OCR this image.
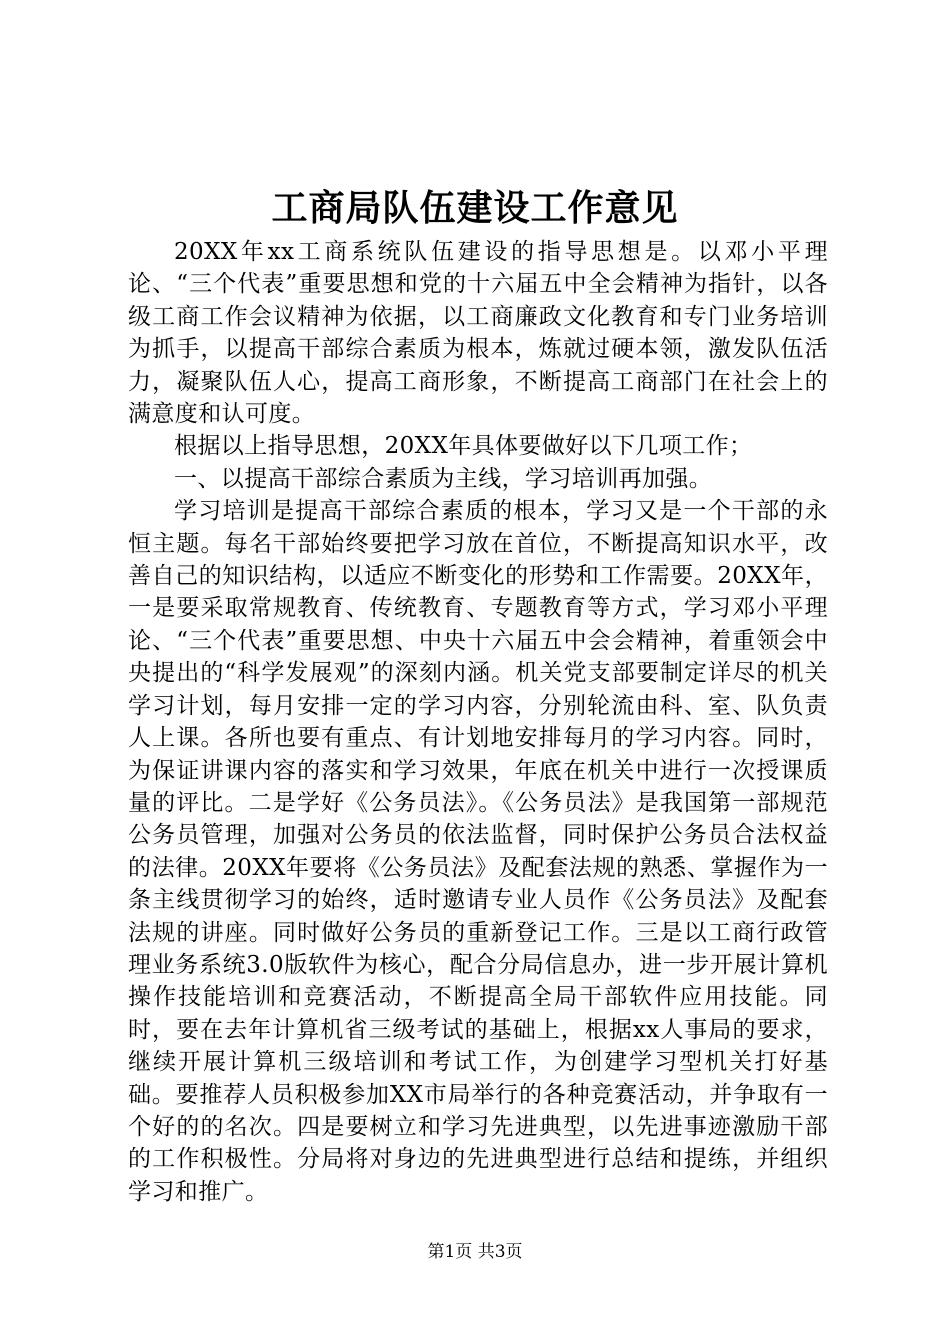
工商局队伍建设工作意见

20XX年xx工商系统队伍建设的指导思想是。以邓小平理论、“三个代表”重要思想和党的十六届五中全会精神为指针，以各级工商工作会议精神为依据，以工商廉政文化教育和专门业务培训为抓手，以提高干部综合素质为根本，炼就过硬本领，激发队伍活力，凝聚队伍人心，提高工商形象，不断提高工商部门在社会上的满意度和认可度。

根据以上指导思想，20XX年具体要做好以下几项工作；

一、以提高干部综合素质为主线，学习培训再加强。

学习培训是提高干部综合素质的根本，学习又是一个干部的永恒主题。每名干部始终要把学习放在首位，不断提高知识水平，改善自己的知识结构，以适应不断变化的形势和工作需要。20XX年，一是要采取常规教育、传统教育、专题教育等方式，学习邓小平理论、“三个代表”重要思想、中央十六届五中会会精神，着重领会中央提出的“科学发展观”的深刻内涵。机关党支部要制定详尽的机关学习计划，每月安排一定的学习内容，分别轮流由科、室、队负责人上课。各所也要有重点、有计划地安排每月的学习内容。同时，为保证讲课内容的落实和学习效果，年底在机关中进行一次授课质量的评比。二是学好《公务员法》。《公务员法》是我国第一部规范公务员管理，加强对公务员的依法监督，同时保护公务员合法权益的法律。20XX年要将《公务员法》及配套法规的熟悉、掌握作为一条主线贯彻学习的始终，适时邀请专业人员作《公务员法》及配套法规的讲座。同时做好公务员的重新登记工作。三是以工商行政管理业务系统3.0版软件为核心，配合分局信息办，进一步开展计算机操作技能培训和竞赛活动，不断提高全局干部软件应用技能。同时，要在去年计算机省三级考试的基础上，根据xx人事局的要求，继续开展计算机三级培训和考试工作，为创建学习型机关打好基础。要推荐人员积极参加XX市局举行的各种竞赛活动，并争取有一个好的的名次。四是要树立和学习先进典型，以先进事迹激励干部的工作积极性。分局将对身边的先进典型进行总结和提练，并组织学习和推广。

第1页 共3页
